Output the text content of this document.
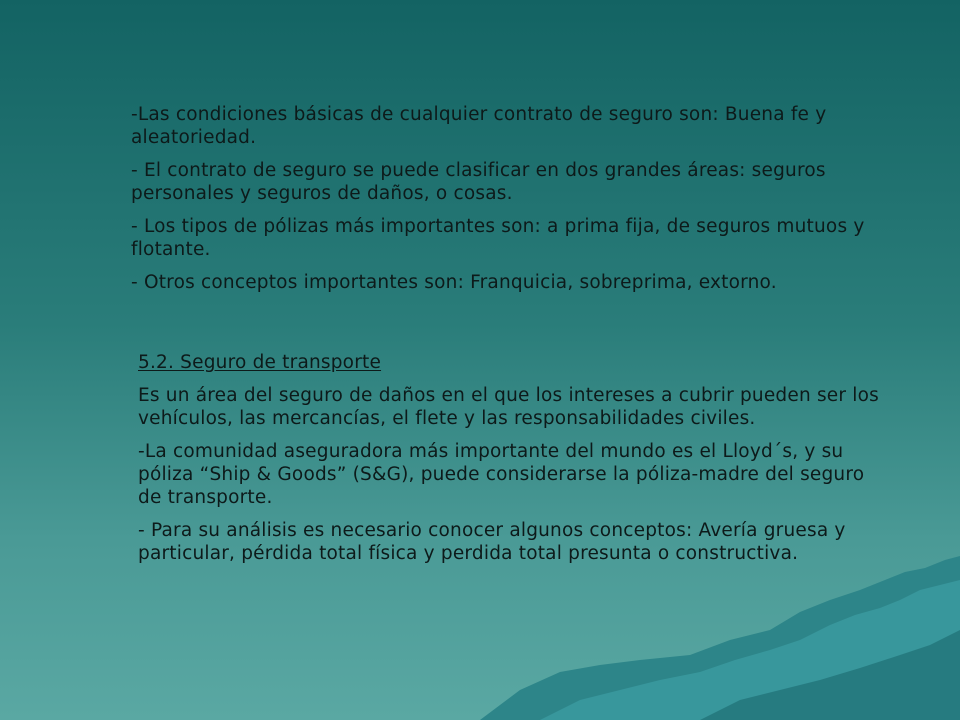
-Las condiciones básicas de cualquier contrato de seguro son: Buena fe y aleatoriedad.

- El contrato de seguro se puede clasificar en dos grandes áreas: seguros personales y seguros de daños, o cosas.

- Los tipos de pólizas más importantes son: a prima fija, de seguros mutuos y flotante.

- Otros conceptos importantes son: Franquicia, sobreprima, extorno.

5.2. Seguro de transporte

Es un área del seguro de daños en el que los intereses a cubrir pueden ser los vehículos, las mercancías, el flete y las responsabilidades civiles.

-La comunidad aseguradora más importante del mundo es el Lloyd´s, y su póliza “Ship & Goods” (S&G), puede considerarse la póliza-madre del seguro de transporte.

- Para su análisis es necesario conocer algunos conceptos: Avería gruesa y particular, pérdida total física y perdida total presunta o constructiva.
